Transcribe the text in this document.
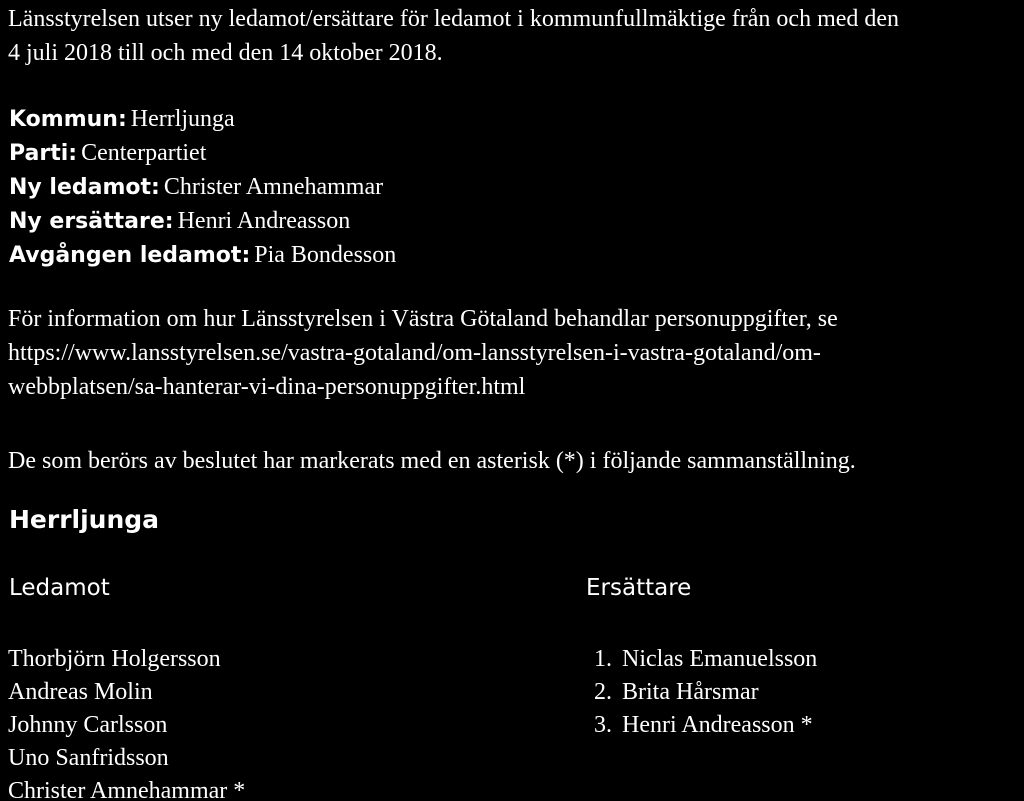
Länsstyrelsen utser ny ledamot/ersättare för ledamot i kommunfullmäktige från och med den
4 juli 2018 till och med den 14 oktober 2018.
Kommun: Herrljunga
Parti: Centerpartiet
Ny ledamot: Christer Amnehammar
Ny ersättare: Henri Andreasson
Avgången ledamot: Pia Bondesson
För information om hur Länsstyrelsen i Västra Götaland behandlar personuppgifter, se
https://www.lansstyrelsen.se/vastra-gotaland/om-lansstyrelsen-i-vastra-gotaland/om-
webbplatsen/sa-hanterar-vi-dina-personuppgifter.html
De som berörs av beslutet har markerats med en asterisk (*) i följande sammanställning.
Herrljunga
Ledamot	Ersättare
Thorbjörn Holgersson
Andreas Molin
Johnny Carlsson
Uno Sanfridsson
Christer Amnehammar *
1. Niclas Emanuelsson
2. Brita Hårsmar
3. Henri Andreasson *
